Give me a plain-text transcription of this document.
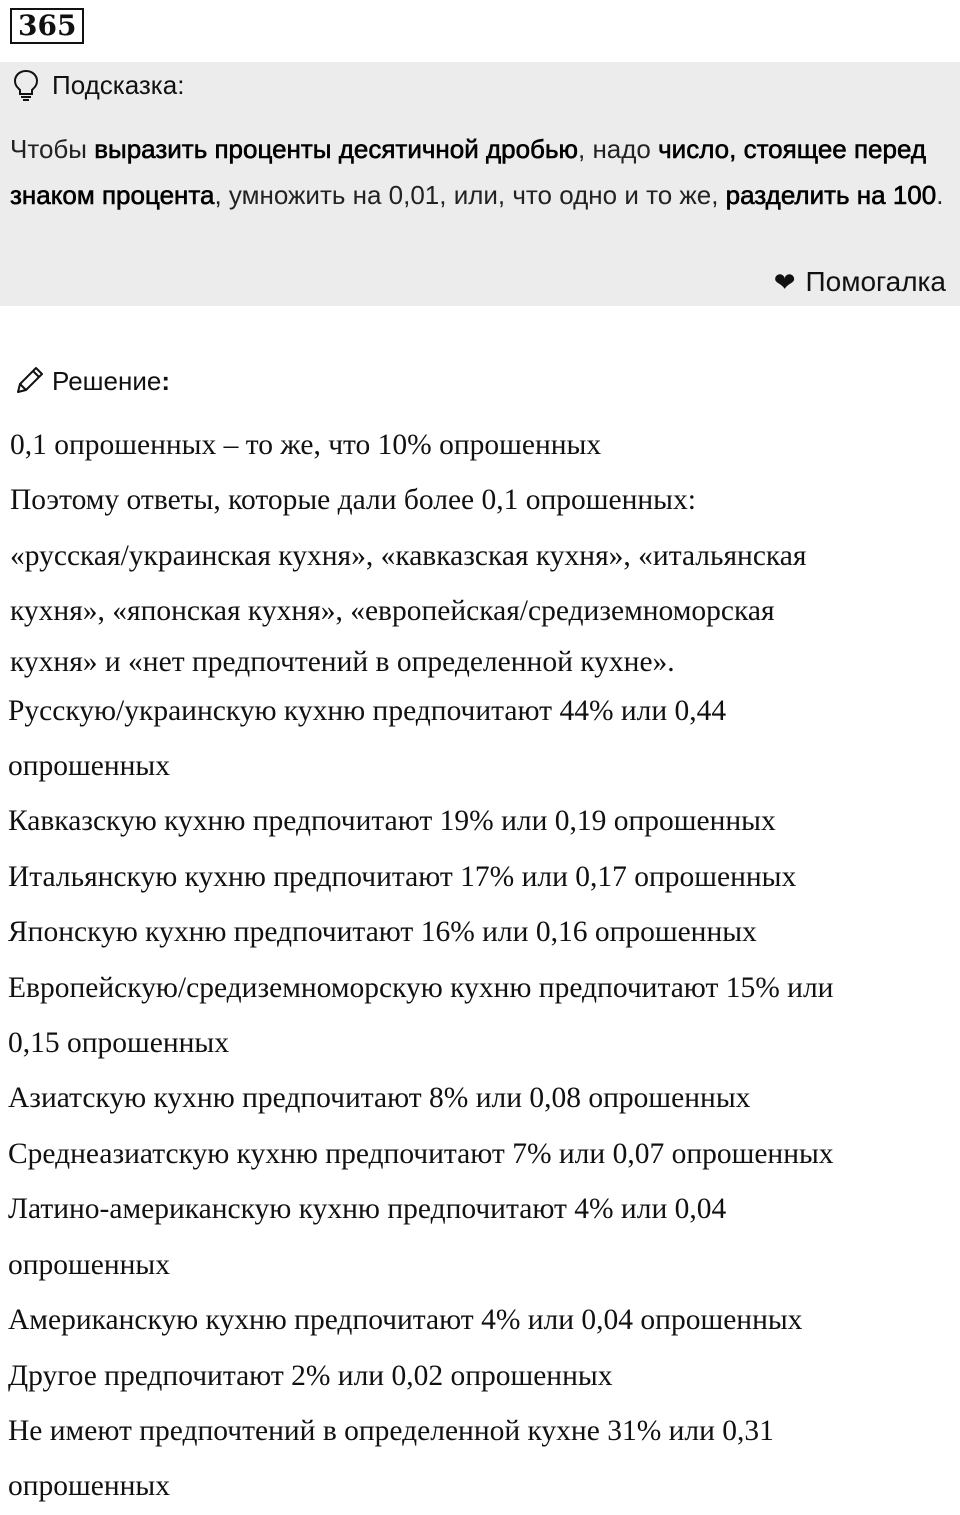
365
Подсказка:
Чтобы выразить проценты десятичной дробью, надо число, стоящее перед знаком процента, умножить на 0,01, или, что одно и то же, разделить на 100.
❤ Помогалка
Решение :
0,1 опрошенных – то же, что 10% опрошенных
Поэтому ответы, которые дали более 0,1 опрошенных:
«русская/украинская кухня», «кавказская кухня», «итальянская
кухня», «японская кухня», «европейская/средиземноморская
кухня» и «нет предпочтений в определенной кухне».
Русскую/украинскую кухню предпочитают 44% или 0,44
опрошенных
Кавказскую кухню предпочитают 19% или 0,19 опрошенных
Итальянскую кухню предпочитают 17% или 0,17 опрошенных
Японскую кухню предпочитают 16% или 0,16 опрошенных
Европейскую/средиземноморскую кухню предпочитают 15% или
0,15 опрошенных
Азиатскую кухню предпочитают 8% или 0,08 опрошенных
Среднеазиатскую кухню предпочитают 7% или 0,07 опрошенных
Латино-американскую кухню предпочитают 4% или 0,04
опрошенных
Американскую кухню предпочитают 4% или 0,04 опрошенных
Другое предпочитают 2% или 0,02 опрошенных
Не имеют предпочтений в определенной кухне 31% или 0,31
опрошенных
